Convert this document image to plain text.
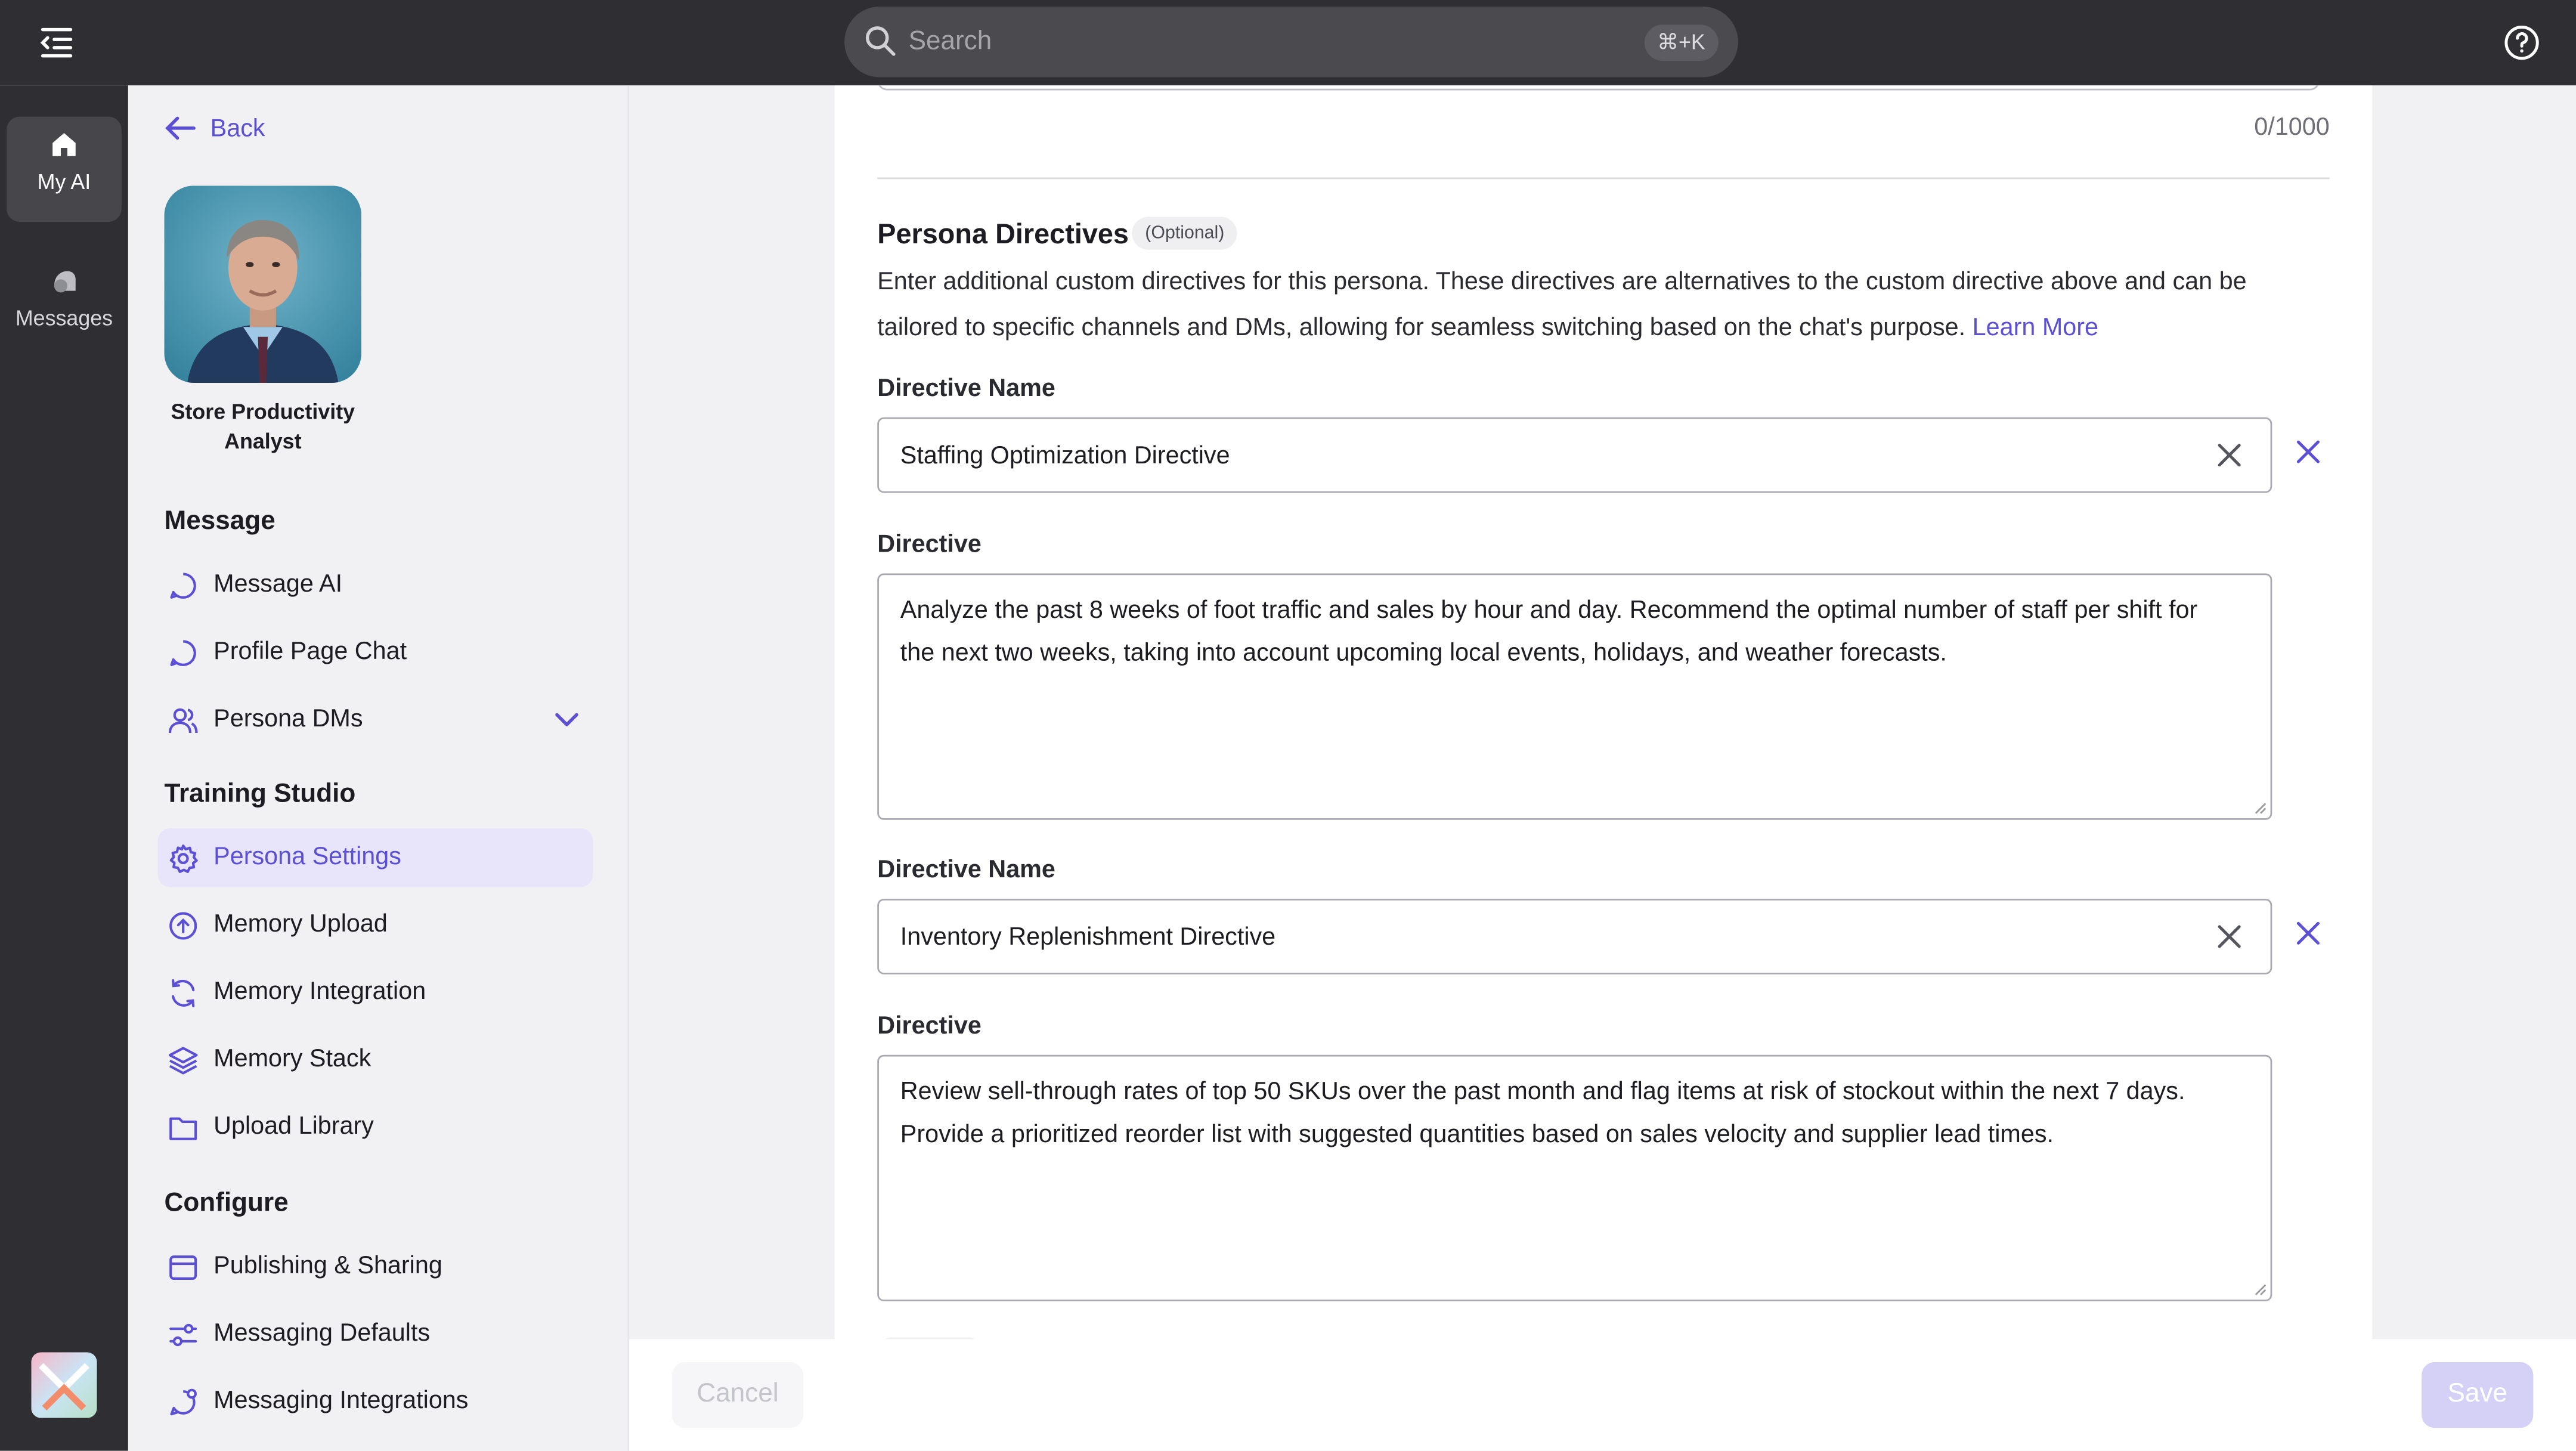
Search	⌘+K
My AI
Messages
Back
Store Productivity
Analyst
Message
Message AI
Profile Page Chat
Persona DMs
Training Studio
Persona Settings
Memory Upload
Memory Integration
Memory Stack
Upload Library
Configure
Publishing & Sharing
Messaging Defaults
Messaging Integrations
0/1000
Persona Directives	(Optional)
Enter additional custom directives for this persona. These directives are alternatives to the custom directive above and can be tailored to specific channels and DMs, allowing for seamless switching based on the chat's purpose. Learn More
Directive Name
Staffing Optimization Directive
Directive
Analyze the past 8 weeks of foot traffic and sales by hour and day. Recommend the optimal number of staff per shift for the next two weeks, taking into account upcoming local events, holidays, and weather forecasts.
Directive Name
Inventory Replenishment Directive
Directive
Review sell-through rates of top 50 SKUs over the past month and flag items at risk of stockout within the next 7 days. Provide a prioritized reorder list with suggested quantities based on sales velocity and supplier lead times.
Cancel	Save
